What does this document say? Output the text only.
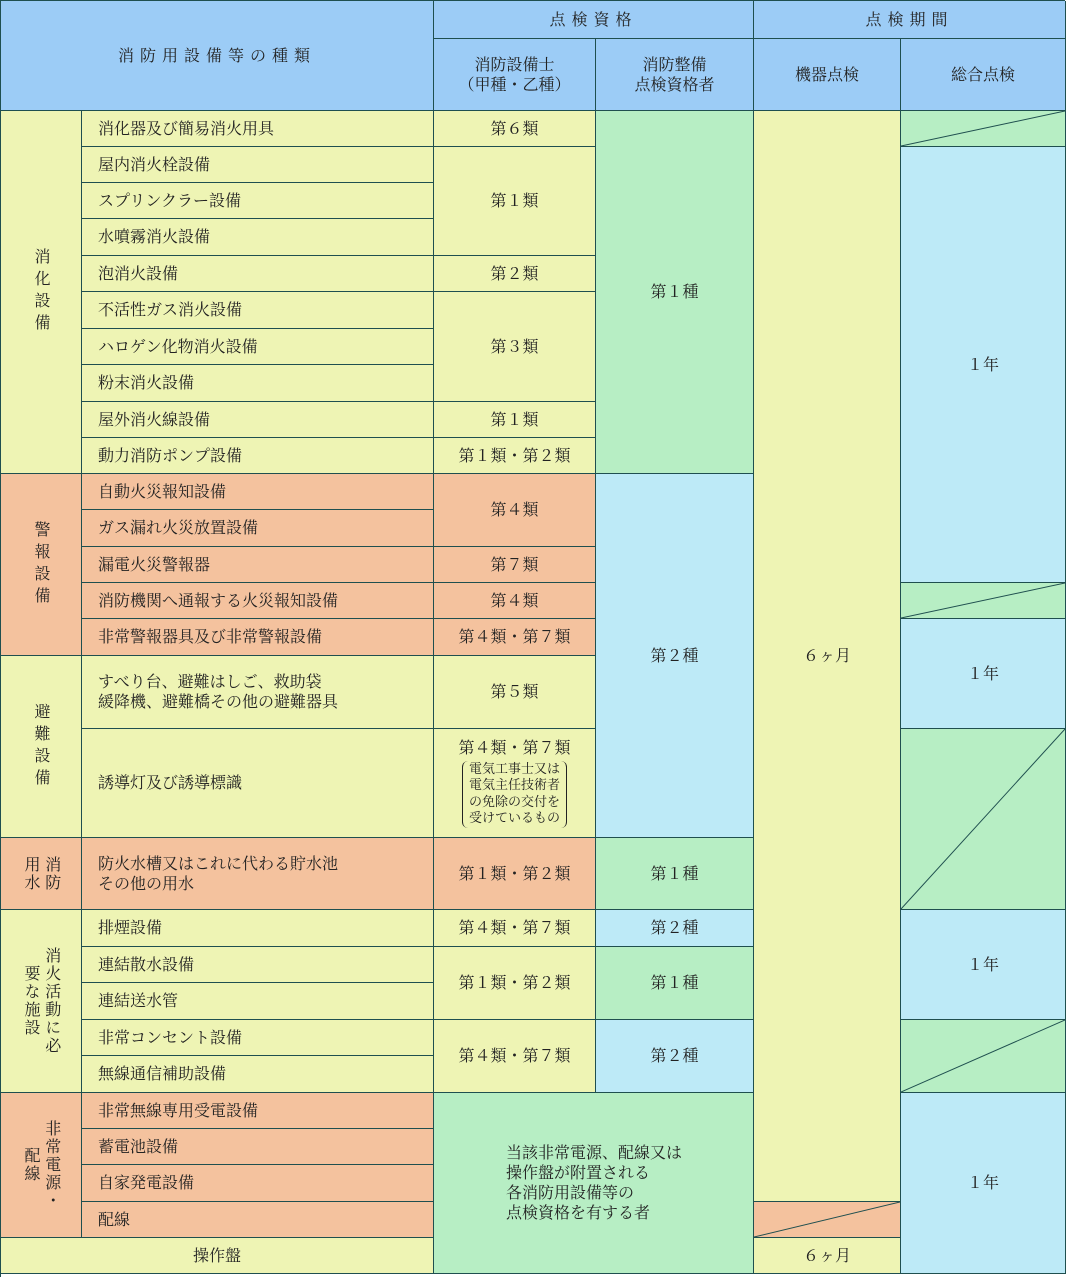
消防用設備等の種類
点検資格	点検期間
消防設備士
（甲種・乙種）
消防整備
点検資格者
機器点検	総合点検
消化設備
警報設備
避難設備
消防用水
消火活動に必要な施設
非常電源・配線
消化器及び簡易消火用具
屋内消火栓設備
スプリンクラー設備
水噴霧消火設備
泡消火設備
不活性ガス消火設備
ハロゲン化物消火設備
粉末消火設備
屋外消火線設備
動力消防ポンプ設備
自動火災報知設備
ガス漏れ火災放置設備
漏電火災警報器
消防機関へ通報する火災報知設備
非常警報器具及び非常警報設備
すべり台、避難はしご、救助袋
緩降機、避難橋その他の避難器具
誘導灯及び誘導標識
防火水槽又はこれに代わる貯水池
その他の用水
排煙設備
連結散水設備
連結送水管
非常コンセント設備
無線通信補助設備
非常無線専用受電設備
蓄電池設備
自家発電設備
配線
操作盤
第６類
第１類
第２類
第３類
第１類
第１類・第２類
第４類
第７類
第４類
第４類・第７類
第５類
第４類・第７類
電気工事士又は
電気主任技術者
の免除の交付を
受けているもの
第１類・第２類
第４類・第７類
第１類・第２類
第４類・第７類
第１種
第２種
第１種
第２種
第１種
第２種
当該非常電源、配線又は
操作盤が附置される
各消防用設備等の
点検資格を有する者
６ヶ月
６ヶ月
１年
１年
１年
１年
